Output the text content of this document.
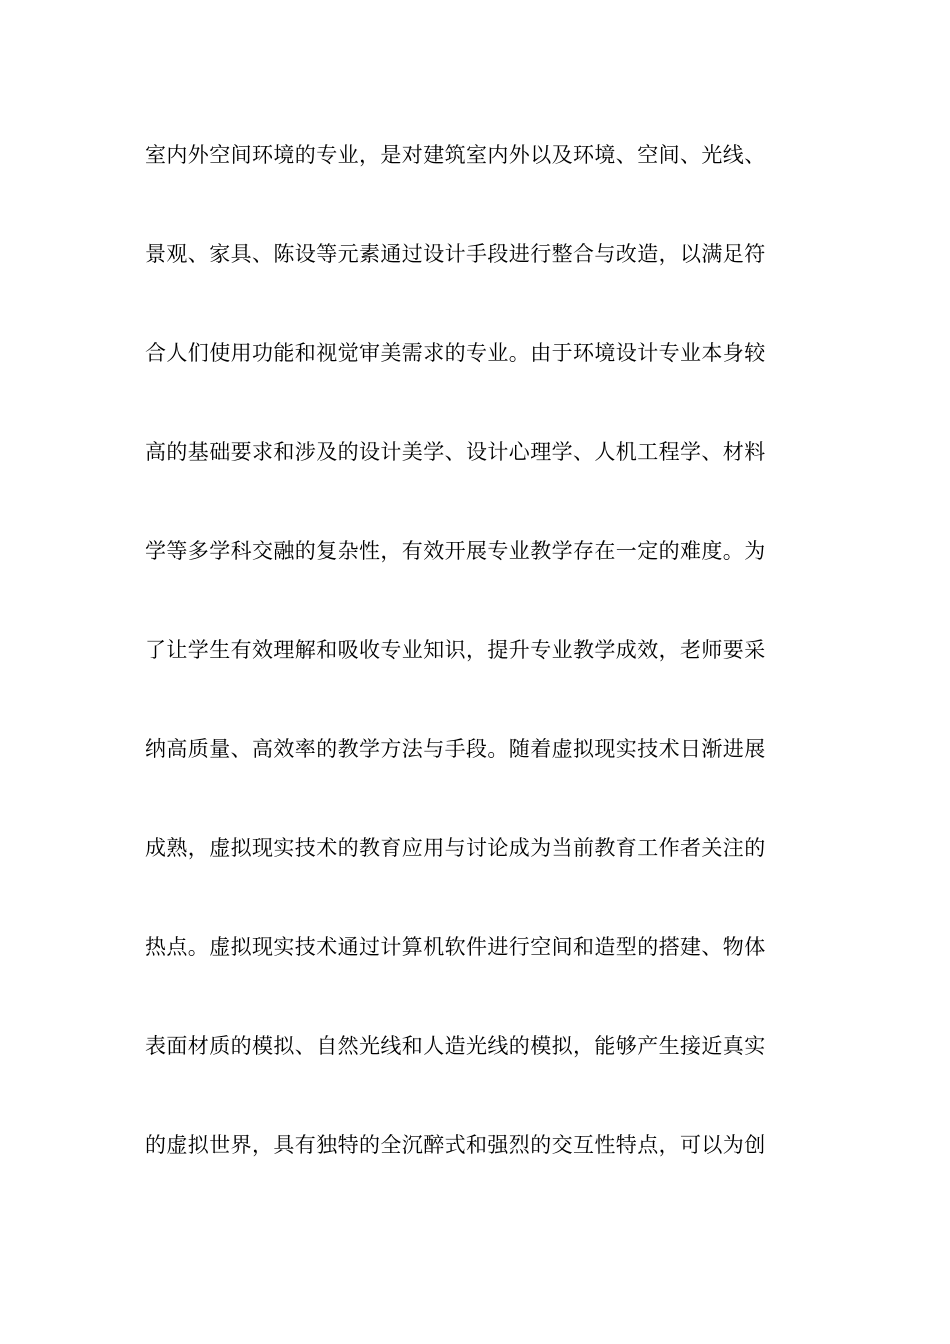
室内外空间环境的专业，是对建筑室内外以及环境、空间、光线、
景观、家具、陈设等元素通过设计手段进行整合与改造，以满足符
合人们使用功能和视觉审美需求的专业。由于环境设计专业本身较
高的基础要求和涉及的设计美学、设计心理学、人机工程学、材料
学等多学科交融的复杂性，有效开展专业教学存在一定的难度。为
了让学生有效理解和吸收专业知识，提升专业教学成效，老师要采
纳高质量、高效率的教学方法与手段。随着虚拟现实技术日渐进展
成熟，虚拟现实技术的教育应用与讨论成为当前教育工作者关注的
热点。虚拟现实技术通过计算机软件进行空间和造型的搭建、物体
表面材质的模拟、自然光线和人造光线的模拟，能够产生接近真实
的虚拟世界，具有独特的全沉醉式和强烈的交互性特点，可以为创
